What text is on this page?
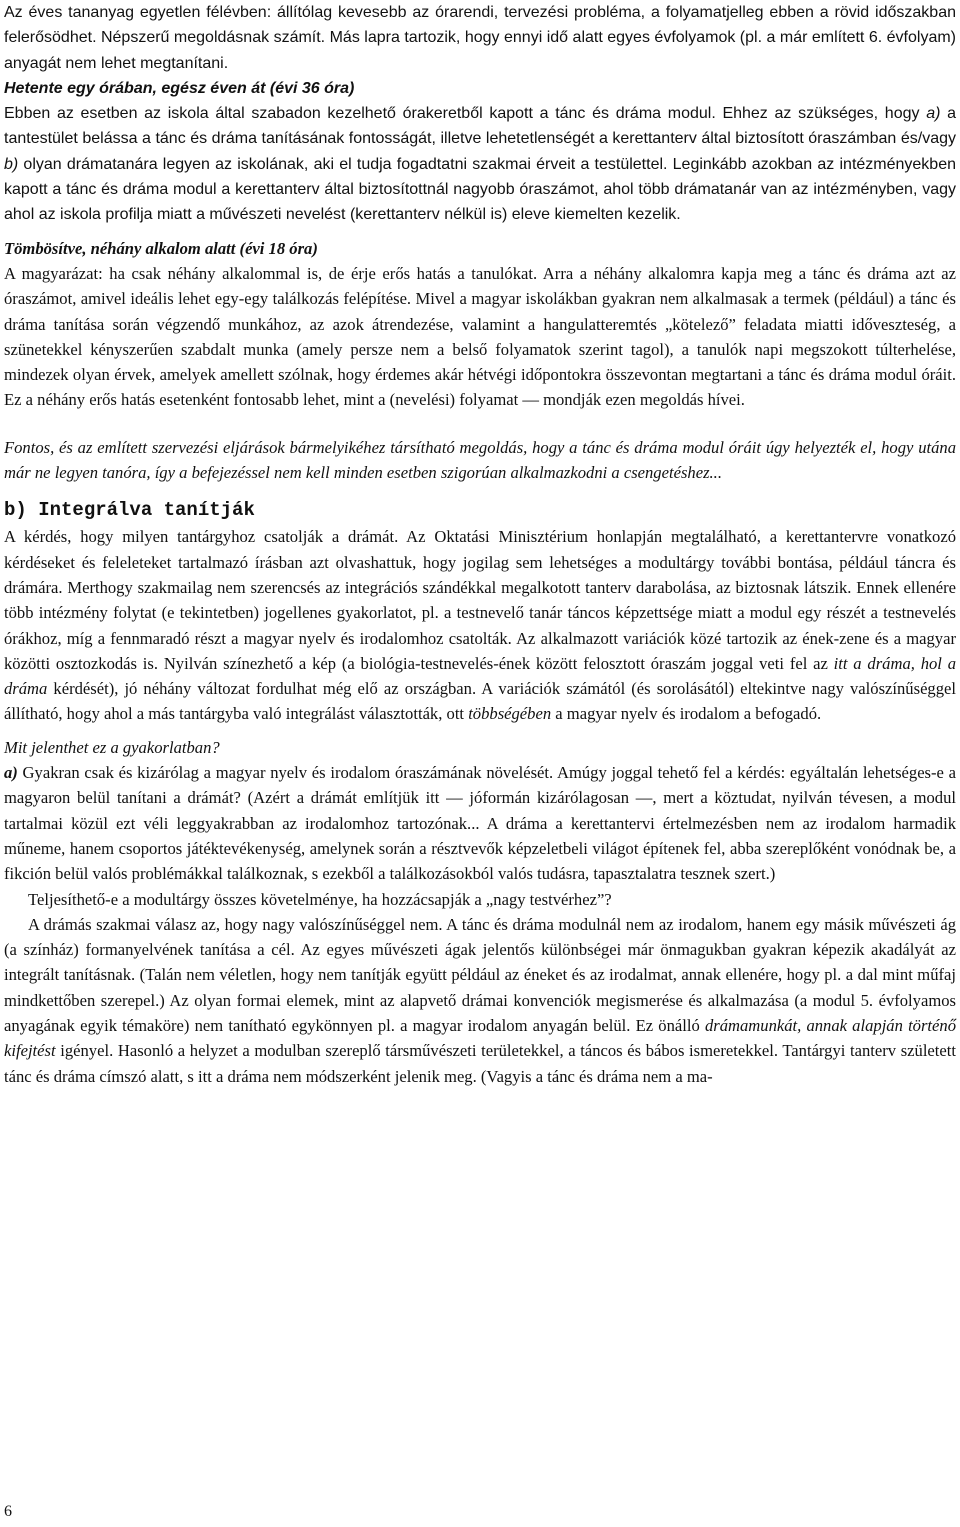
Az éves tananyag egyetlen félévben: állítólag kevesebb az órarendi, tervezési probléma, a folyamatjelleg ebben a rövid időszakban felerősödhet. Népszerű megoldásnak számít. Más lapra tartozik, hogy ennyi idő alatt egyes évfolyamok (pl. a már említett 6. évfolyam) anyagát nem lehet megtanítani.

Hetente egy órában, egész éven át (évi 36 óra)

Ebben az esetben az iskola által szabadon kezelhető órakeretből kapott a tánc és dráma modul. Ehhez az szükséges, hogy a) a tantestület belássa a tánc és dráma tanításának fontosságát, illetve lehetetlenségét a kerettanterv által biztosított óraszámban és/vagy b) olyan drámatanára legyen az iskolának, aki el tudja fogadtatni szakmai érveit a testülettel. Leginkább azokban az intézményekben kapott a tánc és dráma modul a kerettanterv által biztosítottnál nagyobb óraszámot, ahol több drámatanár van az intézményben, vagy ahol az iskola profilja miatt a művészeti nevelést (kerettanterv nélkül is) eleve kiemelten kezelik.

Tömbösítve, néhány alkalom alatt (évi 18 óra)

A magyarázat: ha csak néhány alkalommal is, de érje erős hatás a tanulókat. Arra a néhány alkalomra kapja meg a tánc és dráma azt az óraszámot, amivel ideális lehet egy-egy találkozás felépítése. Mivel a magyar iskolákban gyakran nem alkalmasak a termek (például) a tánc és dráma tanítása során végzendő munkához, az azok átrendezése, valamint a hangulatteremtés „kötelező” feladata miatti időveszteség, a szünetekkel kényszerűen szabdalt munka (amely persze nem a belső folyamatok szerint tagol), a tanulók napi megszokott túlterhelése, mindezek olyan érvek, amelyek amellett szólnak, hogy érdemes akár hétvégi időpontokra összevontan megtartani a tánc és dráma modul óráit. Ez a néhány erős hatás esetenként fontosabb lehet, mint a (nevelési) folyamat — mondják ezen megoldás hívei.

Fontos, és az említett szervezési eljárások bármelyikéhez társítható megoldás, hogy a tánc és dráma modul óráit úgy helyezték el, hogy utána már ne legyen tanóra, így a befejezéssel nem kell minden esetben szigorúan alkalmazkodni a csengetéshez...

b) Integrálva tanítják

A kérdés, hogy milyen tantárgyhoz csatolják a drámát. Az Oktatási Minisztérium honlapján megtalálható, a kerettantervre vonatkozó kérdéseket és feleleteket tartalmazó írásban azt olvashattuk, hogy jogilag sem lehetséges a modultárgy további bontása, például táncra és drámára. Merthogy szakmailag nem szerencsés az integrációs szándékkal megalkotott tanterv darabolása, az biztosnak látszik. Ennek ellenére több intézmény folytat (e tekintetben) jogellenes gyakorlatot, pl. a testnevelő tanár táncos képzettsége miatt a modul egy részét a testnevelés órákhoz, míg a fennmaradó részt a magyar nyelv és irodalomhoz csatolták. Az alkalmazott variációk közé tartozik az ének-zene és a magyar közötti osztozkodás is. Nyilván színezhető a kép (a biológia-testnevelés-ének között felosztott óraszám joggal veti fel az itt a dráma, hol a dráma kérdését), jó néhány változat fordulhat még elő az országban. A variációk számától (és sorolásától) eltekintve nagy valószínűséggel állítható, hogy ahol a más tantárgyba való integrálást választották, ott többségében a magyar nyelv és irodalom a befogadó.

Mit jelenthet ez a gyakorlatban?

a) Gyakran csak és kizárólag a magyar nyelv és irodalom óraszámának növelését. Amúgy joggal tehető fel a kérdés: egyáltalán lehetséges-e a magyaron belül tanítani a drámát? (Azért a drámát említjük itt — jóformán kizárólagosan —, mert a köztudat, nyilván tévesen, a modul tartalmai közül ezt véli leggyakrabban az irodalomhoz tartozónak... A dráma a kerettantervi értelmezésben nem az irodalom harmadik műneme, hanem csoportos játéktevékenység, amelynek során a résztvevők képzeletbeli világot építenek fel, abba szereplőként vonódnak be, a fikción belül valós problémákkal találkoznak, s ezekből a találkozásokból valós tudásra, tapasztalatra tesznek szert.)

Teljesíthető-e a modultárgy összes követelménye, ha hozzácsapják a „nagy testvérhez”?

A drámás szakmai válasz az, hogy nagy valószínűséggel nem. A tánc és dráma modulnál nem az irodalom, hanem egy másik művészeti ág (a színház) formanyelvének tanítása a cél. Az egyes művészeti ágak jelentős különbségei már önmagukban gyakran képezik akadályát az integrált tanításnak. (Talán nem véletlen, hogy nem tanítják együtt például az éneket és az irodalmat, annak ellenére, hogy pl. a dal mint műfaj mindkettőben szerepel.) Az olyan formai elemek, mint az alapvető drámai konvenciók megismerése és alkalmazása (a modul 5. évfolyamos anyagának egyik témaköre) nem tanítható egykönnyen pl. a magyar irodalom anyagán belül. Ez önálló drámamunkát, annak alapján történő kifejtést igényel. Hasonló a helyzet a modulban szereplő társművészeti területekkel, a táncos és bábos ismeretekkel. Tantárgyi tanterv született tánc és dráma címszó alatt, s itt a dráma nem módszerként jelenik meg. (Vagyis a tánc és dráma nem a ma-

6
